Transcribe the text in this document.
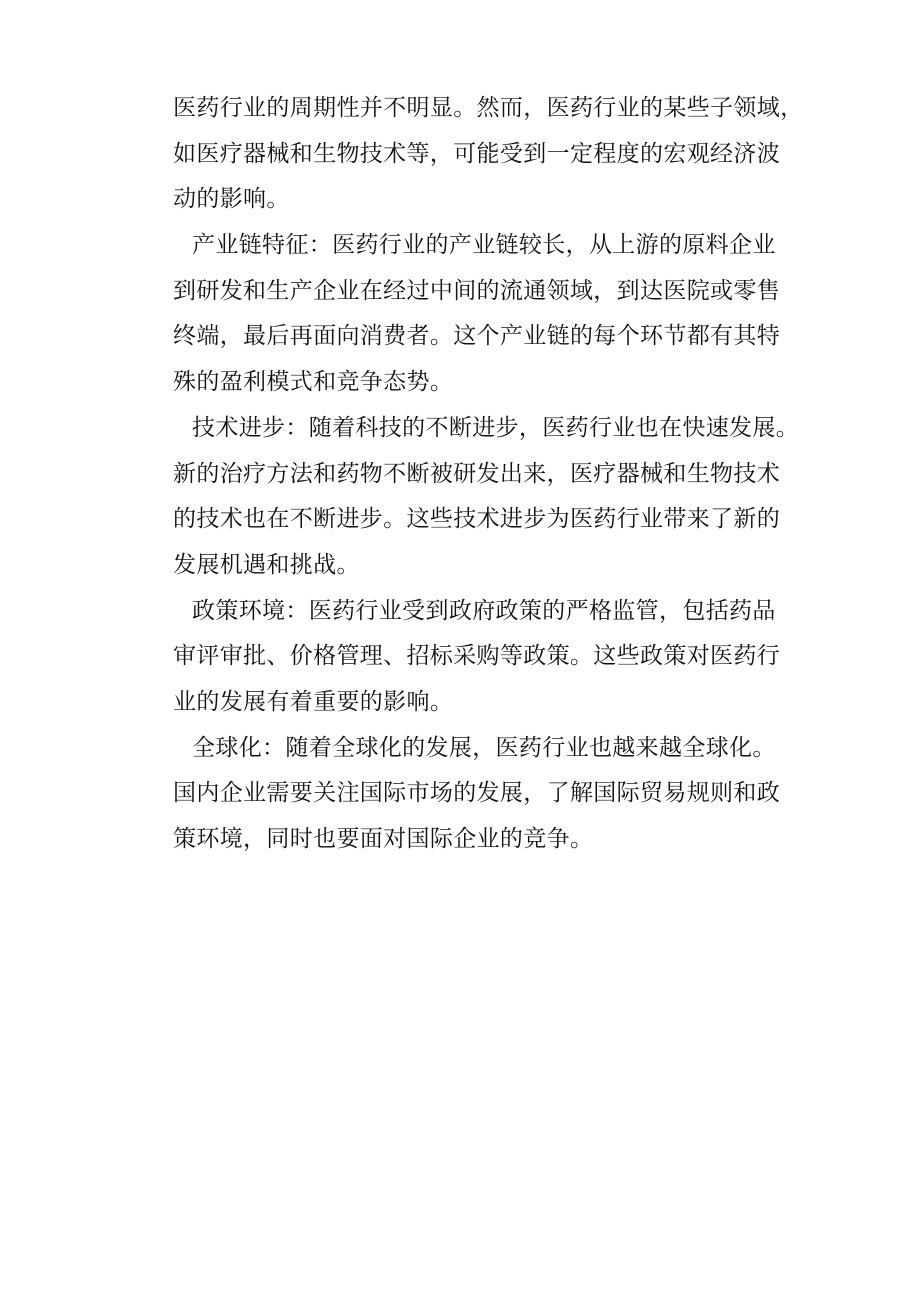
医药行业的周期性并不明显。然而，医药行业的某些子领域，
如医疗器械和生物技术等，可能受到一定程度的宏观经济波
动的影响。
产业链特征：医药行业的产业链较长，从上游的原料企业
到研发和生产企业在经过中间的流通领域，到达医院或零售
终端，最后再面向消费者。这个产业链的每个环节都有其特
殊的盈利模式和竞争态势。
技术进步：随着科技的不断进步，医药行业也在快速发展。
新的治疗方法和药物不断被研发出来，医疗器械和生物技术
的技术也在不断进步。这些技术进步为医药行业带来了新的
发展机遇和挑战。
政策环境：医药行业受到政府政策的严格监管，包括药品
审评审批、价格管理、招标采购等政策。这些政策对医药行
业的发展有着重要的影响。
全球化：随着全球化的发展，医药行业也越来越全球化。
国内企业需要关注国际市场的发展，了解国际贸易规则和政
策环境，同时也要面对国际企业的竞争。
